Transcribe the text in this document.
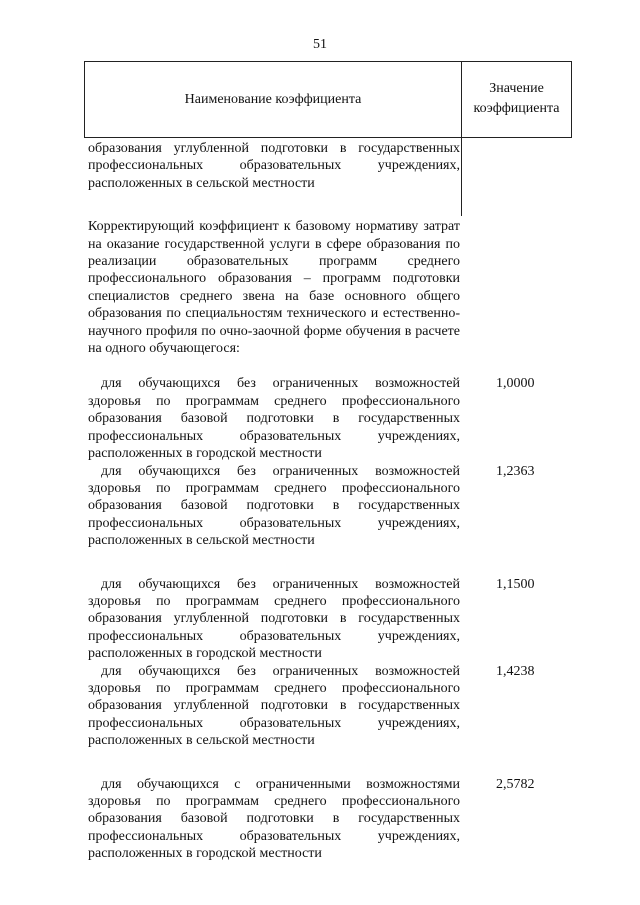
51
Наименование коэффициента
Значение
коэффициента

образования углубленной подготовки в государственных профессиональных образовательных учреждениях, расположенных в сельской местности

Корректирующий коэффициент к базовому нормативу затрат на оказание государственной услуги в сфере образования по реализации образовательных программ среднего профессионального образования – программ подготовки специалистов среднего звена на базе основного общего образования по специальностям технического и естественно-научного профиля по очно-заочной форме обучения в расчете на одного обучающегося:

для обучающихся без ограниченных возможностей здоровья по программам среднего профессионального образования базовой подготовки в государственных профессиональных образовательных учреждениях, расположенных в городской местности

1,0000

для обучающихся без ограниченных возможностей здоровья по программам среднего профессионального образования базовой подготовки в государственных профессиональных образовательных учреждениях, расположенных в сельской местности

1,2363

для обучающихся без ограниченных возможностей здоровья по программам среднего профессионального образования углубленной подготовки в государственных профессиональных образовательных учреждениях, расположенных в городской местности

1,1500

для обучающихся без ограниченных возможностей здоровья по программам среднего профессионального образования углубленной подготовки в государственных профессиональных образовательных учреждениях, расположенных в сельской местности

1,4238

для обучающихся с ограниченными возможностями здоровья по программам среднего профессионального образования базовой подготовки в государственных профессиональных образовательных учреждениях, расположенных в городской местности

2,5782
